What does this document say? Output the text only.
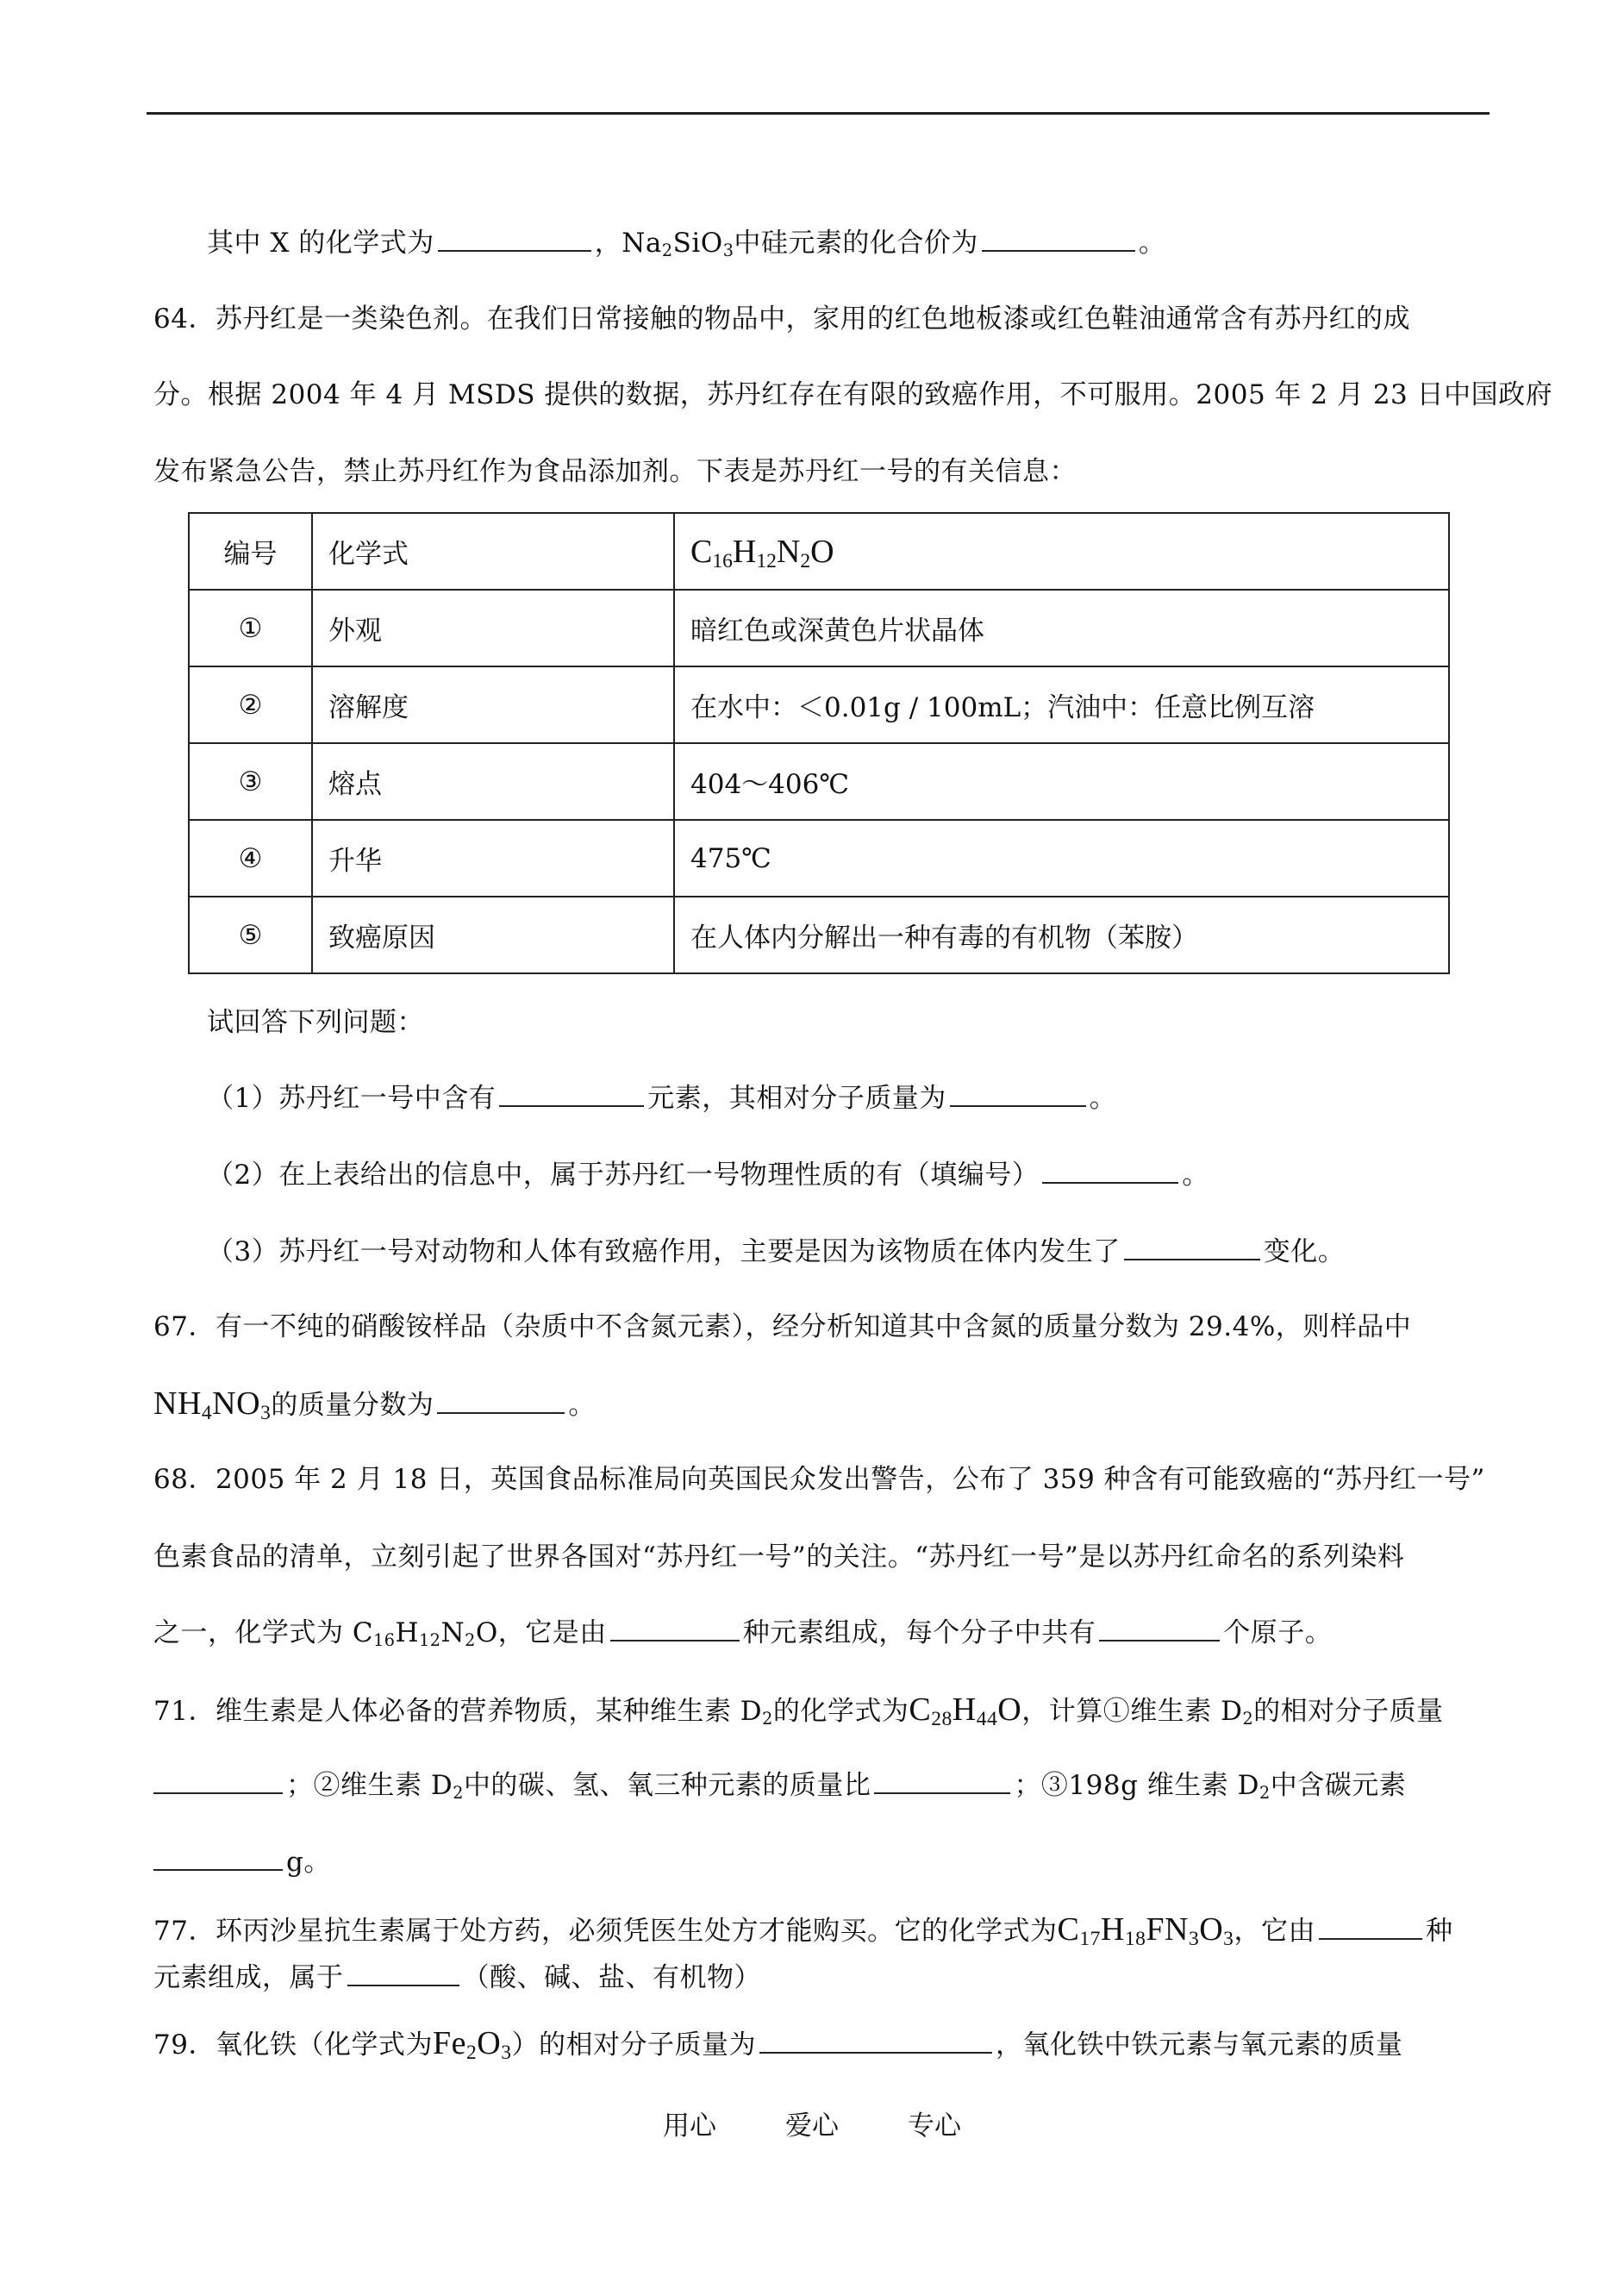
其中 X 的化学式为	，$Na_2SiO_3$中硅元素的化合价为	。
64．苏丹红是一类染色剂。在我们日常接触的物品中，家用的红色地板漆或红色鞋油通常含有苏丹红的成
分。根据 2004 年 4 月 MSDS 提供的数据，苏丹红存在有限的致癌作用，不可服用。2005 年 2 月 23 日中国政府
发布紧急公告，禁止苏丹红作为食品添加剂。下表是苏丹红一号的有关信息：
编号	化学式	$C_{16}H_{12}N_2O$
①	外观	暗红色或深黄色片状晶体
②	溶解度	在水中：＜0.01g / 100mL；汽油中：任意比例互溶
③	熔点	404～406℃
④	升华	475℃
⑤	致癌原因	在人体内分解出一种有毒的有机物（苯胺）
试回答下列问题：
（1）苏丹红一号中含有	元素，其相对分子质量为	。
（2）在上表给出的信息中，属于苏丹红一号物理性质的有（填编号）	。
（3）苏丹红一号对动物和人体有致癌作用，主要是因为该物质在体内发生了	变化。
67．有一不纯的硝酸铵样品（杂质中不含氮元素），经分析知道其中含氮的质量分数为 29.4%，则样品中
$NH_4NO_3$的质量分数为	。
68．2005 年 2 月 18 日，英国食品标准局向英国民众发出警告，公布了 359 种含有可能致癌的“苏丹红一号”
色素食品的清单，立刻引起了世界各国对“苏丹红一号”的关注。“苏丹红一号”是以苏丹红命名的系列染料
之一，化学式为 $C_{16}H_{12}N_2O$，它是由	种元素组成，每个分子中共有	个原子。
71．维生素是人体必备的营养物质，某种维生素 $D_2$的化学式为$C_{28}H_{44}O$，计算①维生素 $D_2$的相对分子质量
；②维生素 $D_2$中的碳、氢、氧三种元素的质量比	；③198g 维生素 $D_2$中含碳元素
g。
77．环丙沙星抗生素属于处方药，必须凭医生处方才能购买。它的化学式为$C_{17}H_{18}FN_3O_3$，它由	种
元素组成，属于	（酸、碱、盐、有机物）
79．氧化铁（化学式为$Fe_2O_3$）的相对分子质量为	，氧化铁中铁元素与氧元素的质量
用心	爱心	专心
